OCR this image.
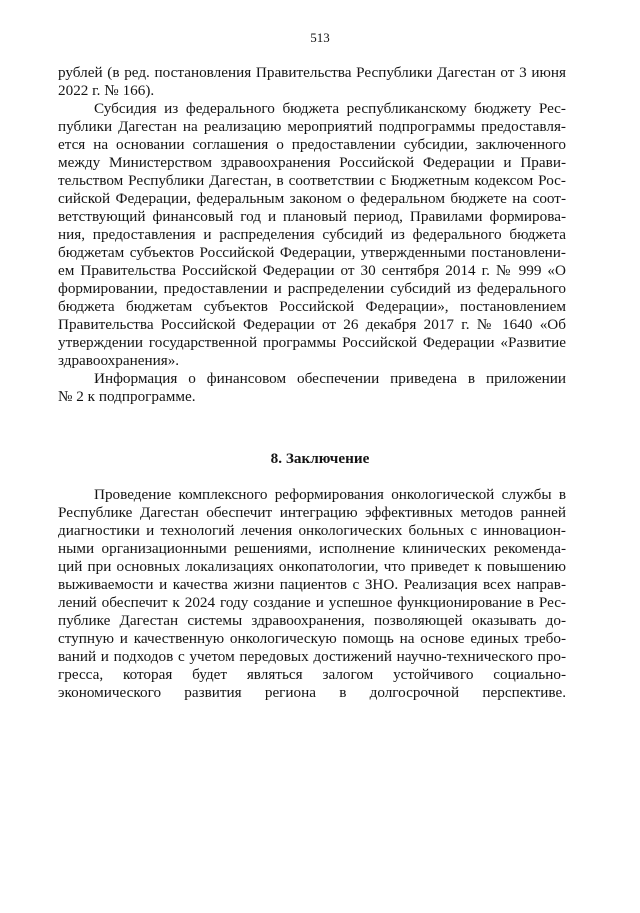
513
рублей (в ред. постановления Правительства Республики Дагестан от 3 июня
2022 г. № 166).
Субсидия из федерального бюджета республиканскому бюджету Рес-
публики Дагестан на реализацию мероприятий подпрограммы предоставля-
ется на основании соглашения о предоставлении субсидии, заключенного
между Министерством здравоохранения Российской Федерации и Прави-
тельством Республики Дагестан, в соответствии с Бюджетным кодексом Рос-
сийской Федерации, федеральным законом о федеральном бюджете на соот-
ветствующий финансовый год и плановый период, Правилами формирова-
ния, предоставления и распределения субсидий из федерального бюджета
бюджетам субъектов Российской Федерации, утвержденными постановлени-
ем Правительства Российской Федерации от 30 сентября 2014 г. № 999 «О
формировании, предоставлении и распределении субсидий из федерального
бюджета бюджетам субъектов Российской Федерации», постановлением
Правительства Российской Федерации от 26 декабря 2017 г. № 1640 «Об
утверждении государственной программы Российской Федерации «Развитие
здравоохранения».
Информация о финансовом обеспечении приведена в приложении
№ 2 к подпрограмме.
8. Заключение
Проведение комплексного реформирования онкологической службы в
Республике Дагестан обеспечит интеграцию эффективных методов ранней
диагностики и технологий лечения онкологических больных с инновацион-
ными организационными решениями, исполнение клинических рекоменда-
ций при основных локализациях онкопатологии, что приведет к повышению
выживаемости и качества жизни пациентов с ЗНО. Реализация всех направ-
лений обеспечит к 2024 году создание и успешное функционирование в Рес-
публике Дагестан системы здравоохранения, позволяющей оказывать до-
ступную и качественную онкологическую помощь на основе единых требо-
ваний и подходов с учетом передовых достижений научно-технического про-
гресса, которая будет являться залогом устойчивого социально-
экономического развития региона в долгосрочной перспективе.
